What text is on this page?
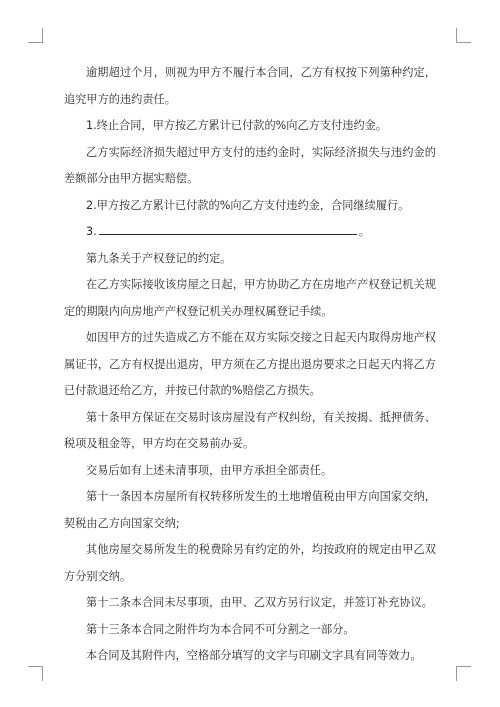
逾期超过个月，则视为甲方不履行本合同，乙方有权按下列第种约定，追究甲方的违约责任。

1.终止合同，甲方按乙方累计已付款的%向乙方支付违约金。

乙方实际经济损失超过甲方支付的违约金时，实际经济损失与违约金的差额部分由甲方据实赔偿。

2.甲方按乙方累计已付款的%向乙方支付违约金，合同继续履行。

3.	。

第九条关于产权登记的约定。

在乙方实际接收该房屋之日起，甲方协助乙方在房地产产权登记机关规定的期限内向房地产产权登记机关办理权属登记手续。

如因甲方的过失造成乙方不能在双方实际交接之日起天内取得房地产权属证书，乙方有权提出退房，甲方须在乙方提出退房要求之日起天内将乙方已付款退还给乙方，并按已付款的%赔偿乙方损失。

第十条甲方保证在交易时该房屋没有产权纠纷，有关按揭、抵押债务、税项及租金等，甲方均在交易前办妥。

交易后如有上述未清事项，由甲方承担全部责任。

第十一条因本房屋所有权转移所发生的土地增值税由甲方向国家交纳，契税由乙方向国家交纳;

其他房屋交易所发生的税费除另有约定的外，均按政府的规定由甲乙双方分别交纳。

第十二条本合同未尽事项，由甲、乙双方另行议定，并签订补充协议。

第十三条本合同之附件均为本合同不可分割之一部分。

本合同及其附件内，空格部分填写的文字与印刷文字具有同等效力。
